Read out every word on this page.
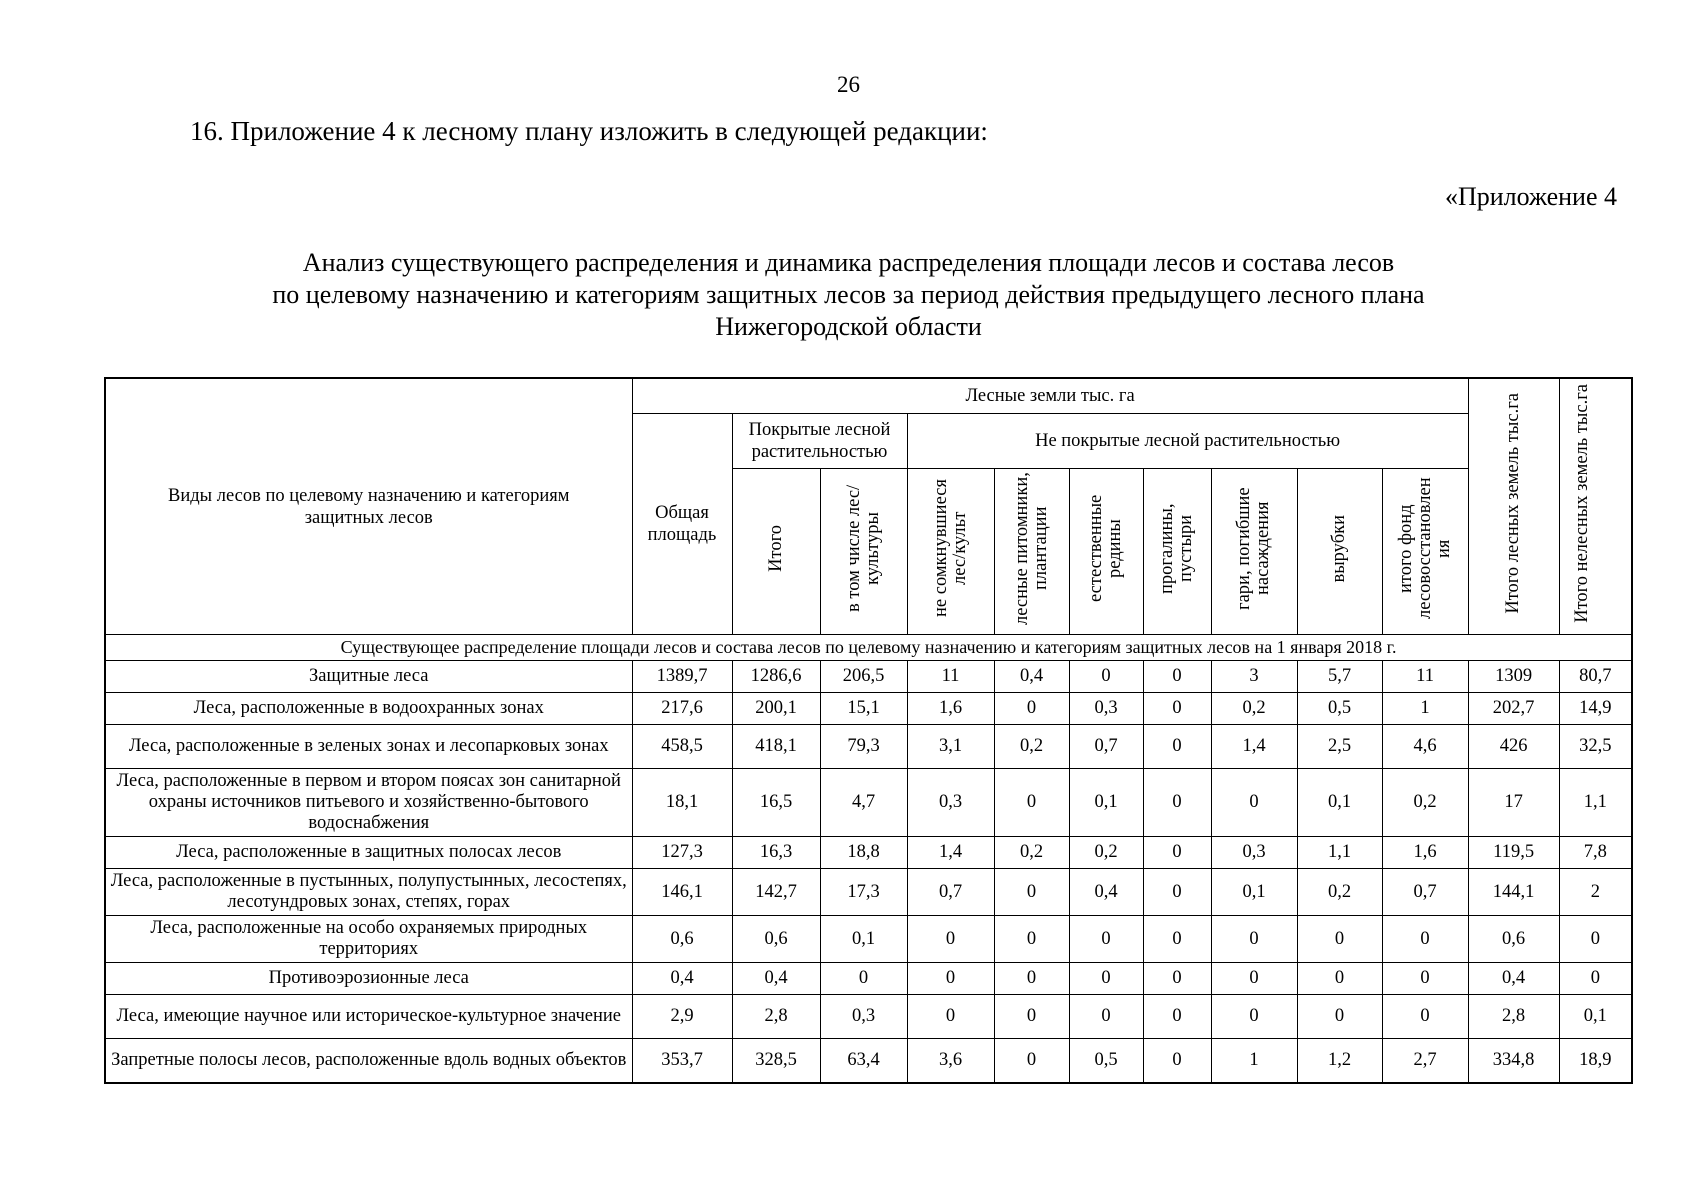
26
16. Приложение 4 к лесному плану изложить в следующей редакции:
«Приложение 4
Анализ существующего распределения и динамика распределения площади лесов и состава лесов
по целевому назначению и категориям защитных лесов за период действия предыдущего лесного плана
Нижегородской области
Виды лесов по целевому назначению и категориям защитных лесов	Лесные земли тыс. га										Итого лесных земель тыс.га	Итого нелесных земель тыс.га
	Общая площадь	Покрытые лесной растительностью		Не покрытые лесной растительностью								
		Итого	в том числе лес/культуры	не сомкнувшиеся лес/культ	лесные питомники, плантации	естественные редины	прогалины, пустыри	гари, погибшие насаждения	вырубки	итого фонд лесовосстановлен ия		
Существующее распределение площади лесов и состава лесов по целевому назначению и категориям защитных лесов на 1 января 2018 г.												
Защитные леса	1389,7	1286,6	206,5	11	0,4	0	0	3	5,7	11	1309	80,7
Леса, расположенные в водоохранных зонах	217,6	200,1	15,1	1,6	0	0,3	0	0,2	0,5	1	202,7	14,9
Леса, расположенные в зеленых зонах и лесопарковых зонах	458,5	418,1	79,3	3,1	0,2	0,7	0	1,4	2,5	4,6	426	32,5
Леса, расположенные в первом и втором поясах зон санитарной охраны источников питьевого и хозяйственно-бытового водоснабжения	18,1	16,5	4,7	0,3	0	0,1	0	0	0,1	0,2	17	1,1
Леса, расположенные в защитных полосах лесов	127,3	16,3	18,8	1,4	0,2	0,2	0	0,3	1,1	1,6	119,5	7,8
Леса, расположенные в пустынных, полупустынных, лесостепях, лесотундровых зонах, степях, горах	146,1	142,7	17,3	0,7	0	0,4	0	0,1	0,2	0,7	144,1	2
Леса, расположенные на особо охраняемых природных территориях	0,6	0,6	0,1	0	0	0	0	0	0	0	0,6	0
Противоэрозионные леса	0,4	0,4	0	0	0	0	0	0	0	0	0,4	0
Леса, имеющие научное или историческое-культурное значение	2,9	2,8	0,3	0	0	0	0	0	0	0	2,8	0,1
Запретные полосы лесов, расположенные вдоль водных объектов	353,7	328,5	63,4	3,6	0	0,5	0	1	1,2	2,7	334,8	18,9
